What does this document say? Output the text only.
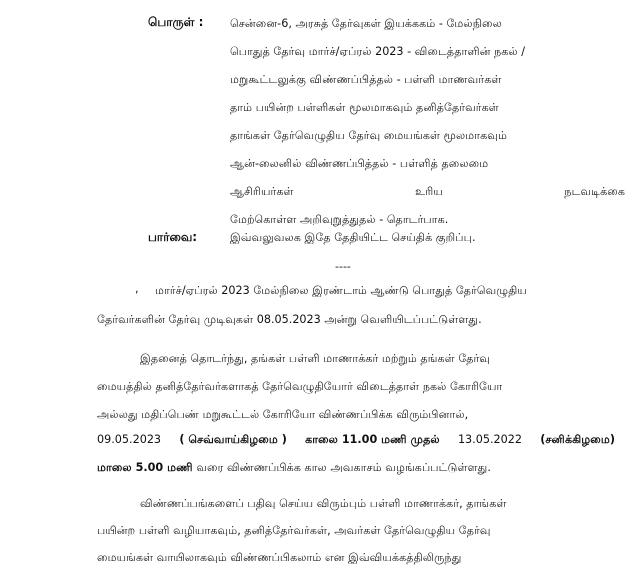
பொருள் : சென்னை-6, அரசுத் தேர்வுகள் இயக்ககம் - மேல்நிலை
பொதுத் தேர்வு மார்ச்/ஏப்ரல் 2023 - விடைத்தாளின் நகல் /
மறுகூட்டலுக்கு விண்ணப்பித்தல் - பள்ளி மாணவர்கள்
தாம் பயின்ற பள்ளிகள் மூலமாகவும் தனித்தேர்வர்கள்
தாங்கள் தேர்வெழுதிய தேர்வு மையங்கள் மூலமாகவும்
ஆன்-லைனில் விண்ணப்பித்தல் - பள்ளித் தலைமை
ஆசிரியர்கள்	உரிய	நடவடிக்கை
மேற்கொள்ள அறிவுறுத்துதல் - தொடர்பாக.
பார்வை:	இவ்வலுவலக இதே தேதியிட்ட செய்திக் குறிப்பு.
----
, மார்ச்/ஏப்ரல் 2023 மேல்நிலை இரண்டாம் ஆண்டு பொதுத் தேர்வெழுதிய
தேர்வர்களின் தேர்வு முடிவுகள் 08.05.2023 அன்று வெளியிடப்பட்டுள்ளது.
இதனைத் தொடர்ந்து, தங்கள் பள்ளி மாணாக்கர் மற்றும் தங்கள் தேர்வு
மையத்தில் தனித்தேர்வர்களாகத் தேர்வெழுதியோர் விடைத்தாள் நகல் கோரியோ
அல்லது மதிப்பெண் மறுகூட்டல் கோரியோ விண்ணப்பிக்க விரும்பினால்,
09.05.2023 ( செவ்வாய்கிழமை ) காலை 11.00 மணி முதல் 13.05.2022 (சனிக்கிழமை)
மாலை 5.00 மணி வரை விண்ணப்பிக்க கால அவகாசம் வழங்கப்பட்டுள்ளது.
விண்ணப்பங்களைப் பதிவு செய்ய விரும்பும் பள்ளி மாணாக்கர், தாங்கள்
பயின்ற பள்ளி வழியாகவும், தனித்தேர்வர்கள், அவர்கள் தேர்வெழுதிய தேர்வு
மையங்கள் வாயிலாகவும் விண்ணப்பிகலாம் என இவ்வியக்கத்திலிருந்து
